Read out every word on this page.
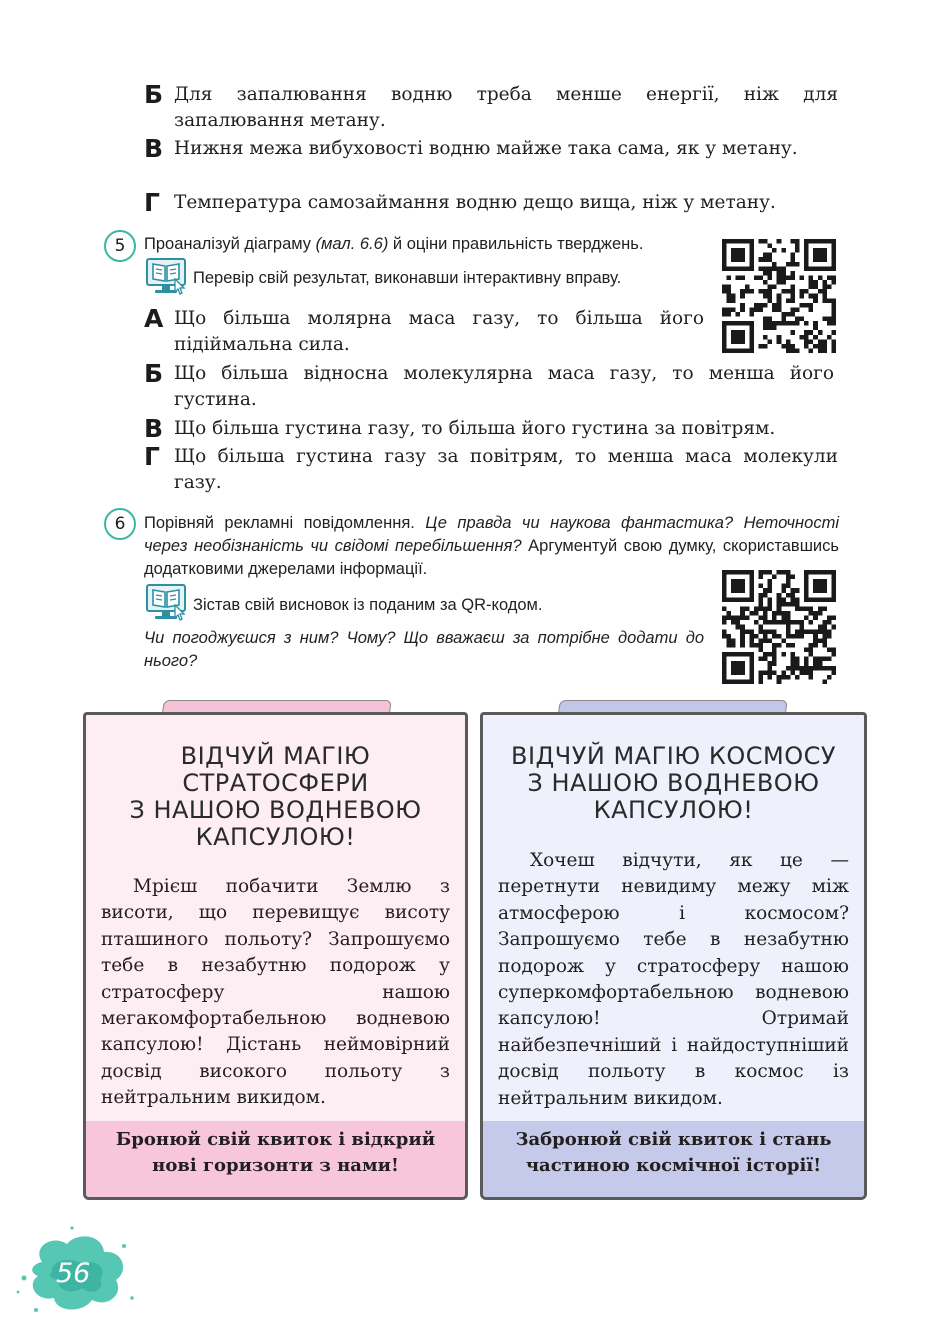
Б Для запалювання водню треба менше енергії, ніж для запалювання метану.
В Нижня межа вибуховості водню майже така сама, як у метану.
Г Температура самозаймання водню дещо вища, ніж у метану.
5	Проаналізуй діаграму (мал. 6.6) й оціни правильність тверджень.
Перевір свій результат, виконавши інтерактивну вправу.
А Що більша молярна маса газу, то більша його підіймальна сила.
Б Що більша відносна молекулярна маса газу, то менша його густина.
В Що більша густина газу, то більша його густина за повітрям.
Г Що більша густина газу за повітрям, то менша маса молекули газу.
6	Порівняй рекламні повідомлення. Це правда чи наукова фантастика? Неточності через необізнаність чи свідомі перебільшення? Аргументуй свою думку, скориставшись додатковими джерелами інформації.
Зістав свій висновок із поданим за QR-кодом.
Чи погоджуєшся з ним? Чому? Що вважаєш за потрібне додати до нього?
ВІДЧУЙ МАГІЮ
СТРАТОСФЕРИ
З НАШОЮ ВОДНЕВОЮ
КАПСУЛОЮ!
Мрієш побачити Землю з висоти, що перевищує висоту пташиного польоту? Запрошуємо тебе в незабутню подорож у стратосферу нашою мегакомфортабельною водневою капсулою! Дістань неймовірний досвід високого польоту з нейтральним викидом.
Бронюй свій квиток і відкрий
нові горизонти з нами!
ВІДЧУЙ МАГІЮ КОСМОСУ
З НАШОЮ ВОДНЕВОЮ
КАПСУЛОЮ!
Хочеш відчути, як це — перетнути невидиму межу між атмосферою і космосом? Запрошуємо тебе в незабутню подорож у стратосферу нашою суперкомфортабельною водневою капсулою! Отримай найбезпечніший і найдоступніший досвід польоту в космос із нейтральним викидом.
Забронюй свій квиток і стань
частиною космічної історії!
56
